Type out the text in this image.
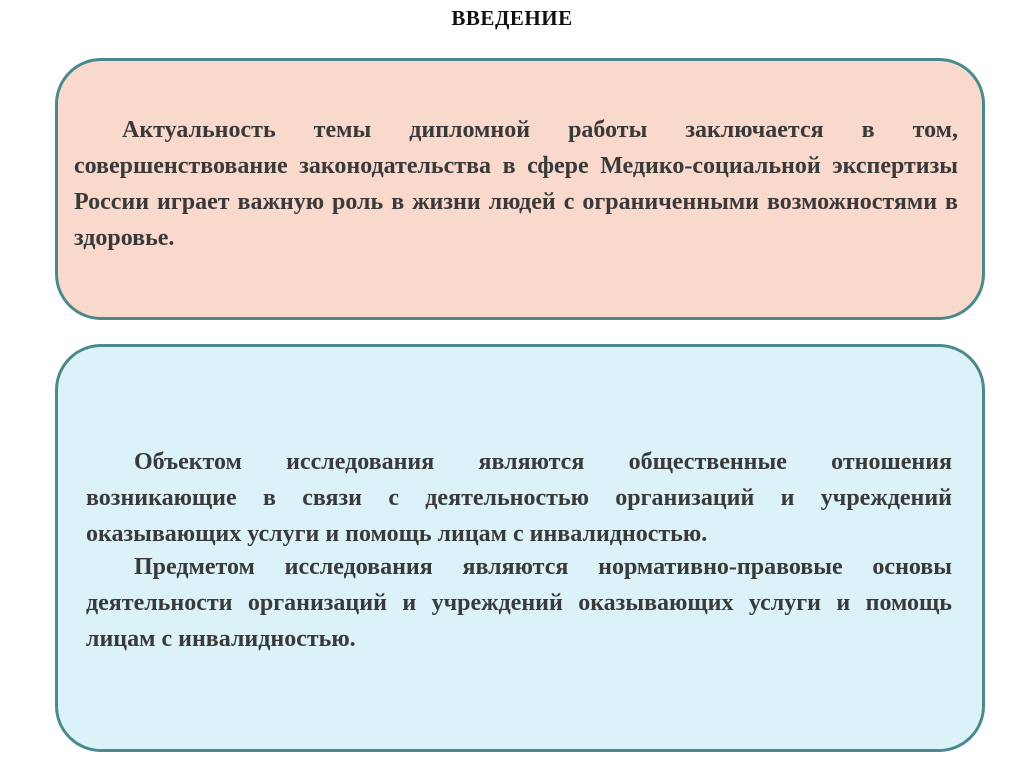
ВВЕДЕНИЕ

Актуальность темы дипломной работы заключается в том, совершенствование законодательства в сфере Медико-социальной экспертизы России играет важную роль в жизни людей с ограниченными возможностями в здоровье.

Объектом исследования являются общественные отношения возникающие в связи с деятельностью организаций и учреждений оказывающих услуги и помощь лицам с инвалидностью.

Предметом исследования являются нормативно-правовые основы деятельности организаций и учреждений оказывающих услуги и помощь лицам с инвалидностью.
